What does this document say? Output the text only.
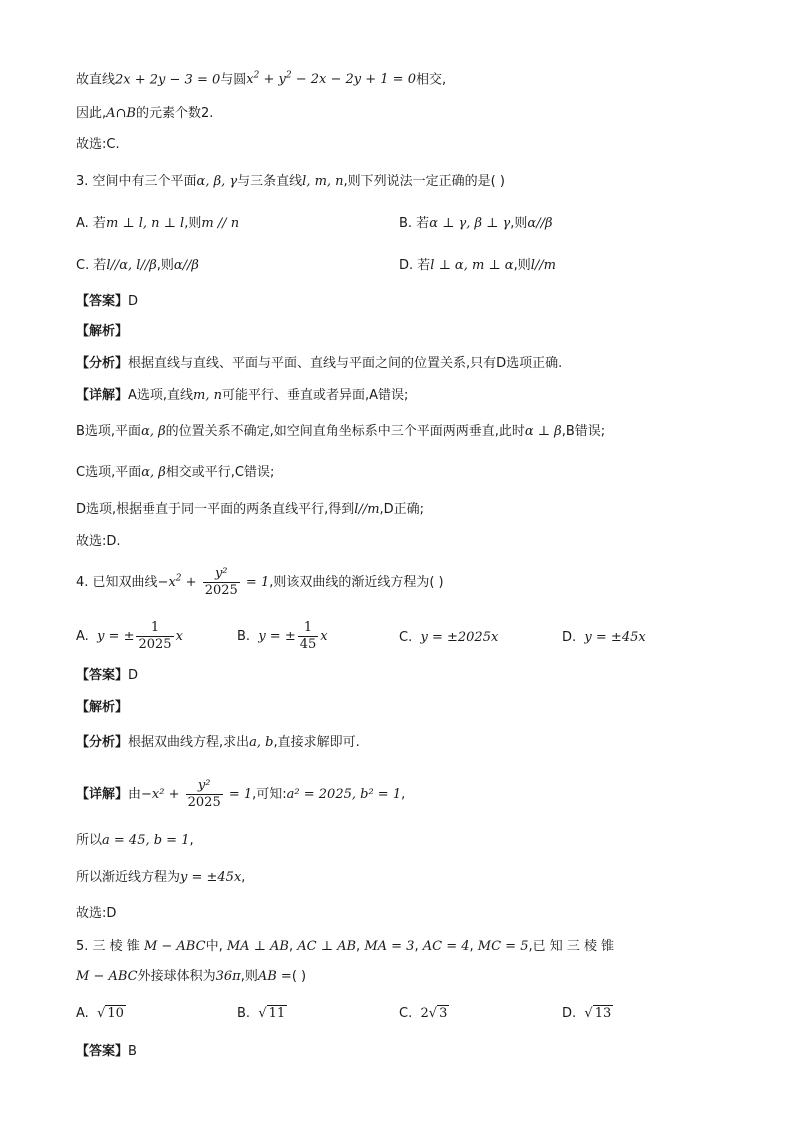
故直线2x + 2y − 3 = 0与圆$x^2 + y^2 - 2x - 2y + 1 = 0$相交,
因此,A∩B的元素个数2.
故选:C.
3. 空间中有三个平面α, β, γ与三条直线l, m, n,则下列说法一定正确的是( )
A. 若m ⊥ l, n ⊥ l,则m // n	B. 若α ⊥ γ, β ⊥ γ,则α//β
C. 若l//α, l//β,则α//β	D. 若l ⊥ α, m ⊥ α,则l//m
【答案】D
【解析】
【分析】根据直线与直线、平面与平面、直线与平面之间的位置关系,只有D选项正确.
【详解】A选项,直线m, n可能平行、垂直或者异面,A错误;
B选项,平面α, β的位置关系不确定,如空间直角坐标系中三个平面两两垂直,此时α ⊥ β,B错误;
C选项,平面α, β相交或平行,C错误;
D选项,根据垂直于同一平面的两条直线平行,得到l//m,D正确;
故选:D.
4. 已知双曲线$-x^2 + \frac{\text{y²}}{2025} = 1$,则该双曲线的渐近线方程为( )
A. y = ± $\frac{1}{2025}$ x	B. y = ± $\frac{1}{45}$ x	C. y = ±2025x	D. y = ±45x
【答案】D
【解析】
【分析】根据双曲线方程,求出a, b,直接求解即可.
【详解】由$-x^2 + \frac{\text{y²}}{2025} = 1$,可知:a² = 2025, b² = 1,
所以a = 45, b = 1,
所以渐近线方程为y = ±45x,
故选:D
5. 三 棱 锥 M − ABC中, MA ⊥ AB, AC ⊥ AB, MA = 3, AC = 4, MC = 5,已 知 三 棱 锥
M − ABC外接球体积为36π,则AB =( )
A. √ 10	B. √ 11	C. 2√ 3	D. √ 13
【答案】B
